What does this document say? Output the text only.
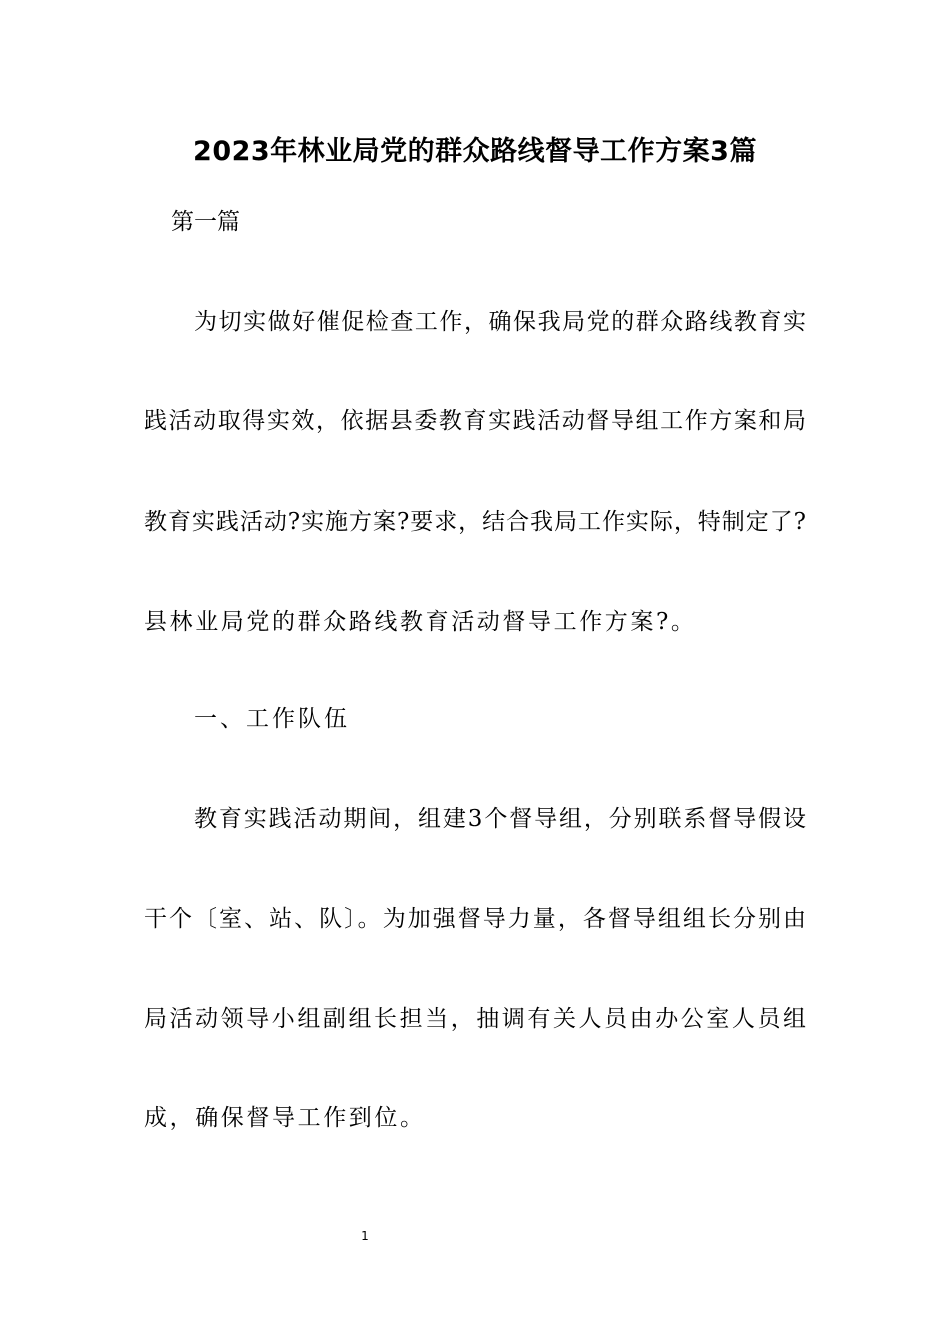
2023年林业局党的群众路线督导工作方案3篇

第一篇

为切实做好催促检查工作，确保我局党的群众路线教育实

践活动取得实效，依据县委教育实践活动督导组工作方案和局

教育实践活动?实施方案?要求，结合我局工作实际，特制定了?

县林业局党的群众路线教育活动督导工作方案?。

一、工作队伍

教育实践活动期间，组建3个督导组，分别联系督导假设

干个〔室、站、队〕。为加强督导力量，各督导组组长分别由

局活动领导小组副组长担当，抽调有关人员由办公室人员组

成，确保督导工作到位。

1
